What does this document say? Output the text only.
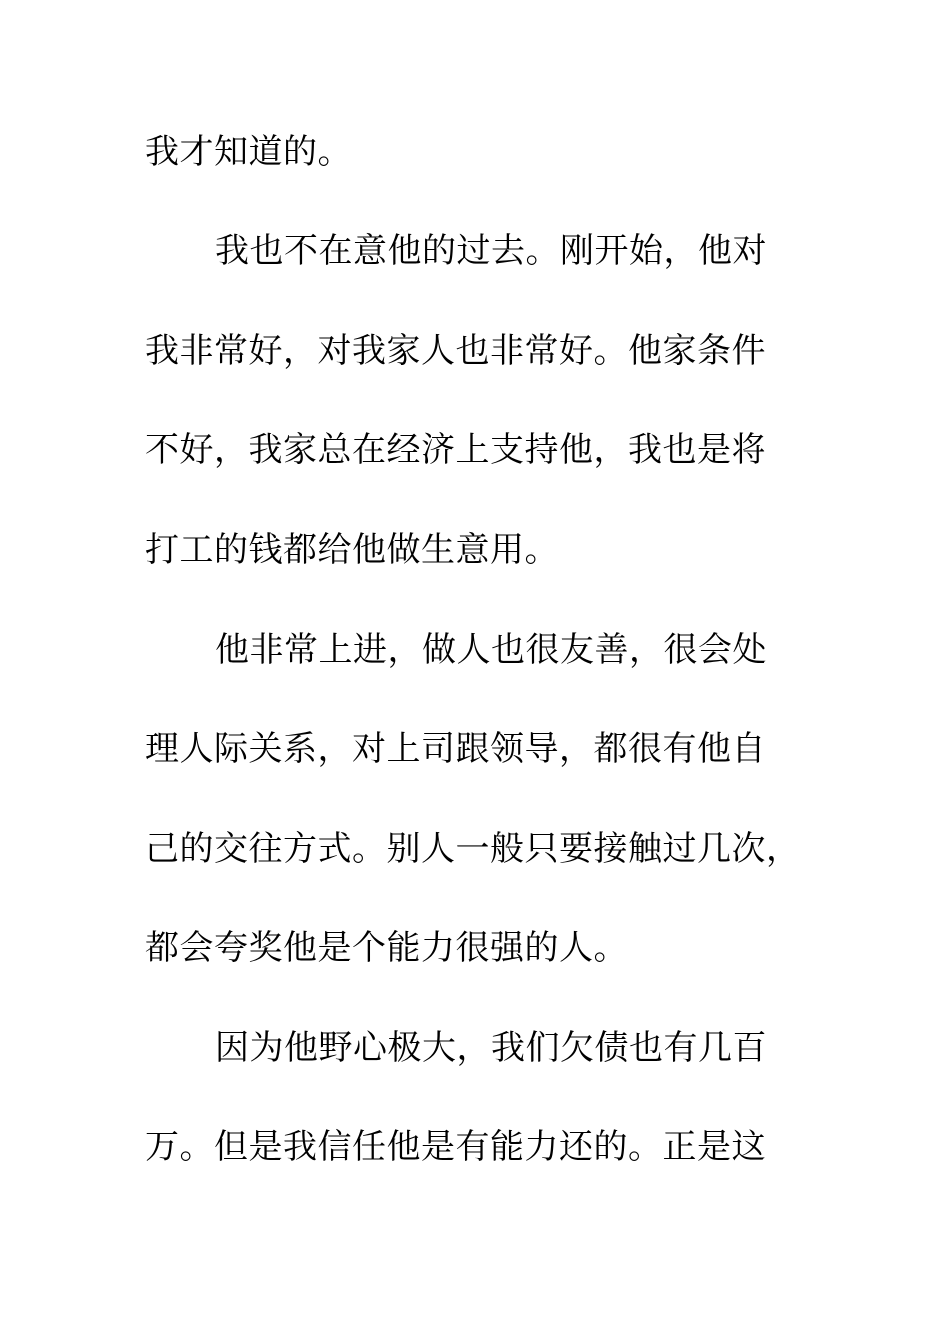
我才知道的。
我也不在意他的过去。刚开始，他对
我非常好，对我家人也非常好。他家条件
不好，我家总在经济上支持他，我也是将
打工的钱都给他做生意用。
他非常上进，做人也很友善，很会处
理人际关系，对上司跟领导，都很有他自
己的交往方式。别人一般只要接触过几次，
都会夸奖他是个能力很强的人。
因为他野心极大，我们欠债也有几百
万。但是我信任他是有能力还的。正是这
